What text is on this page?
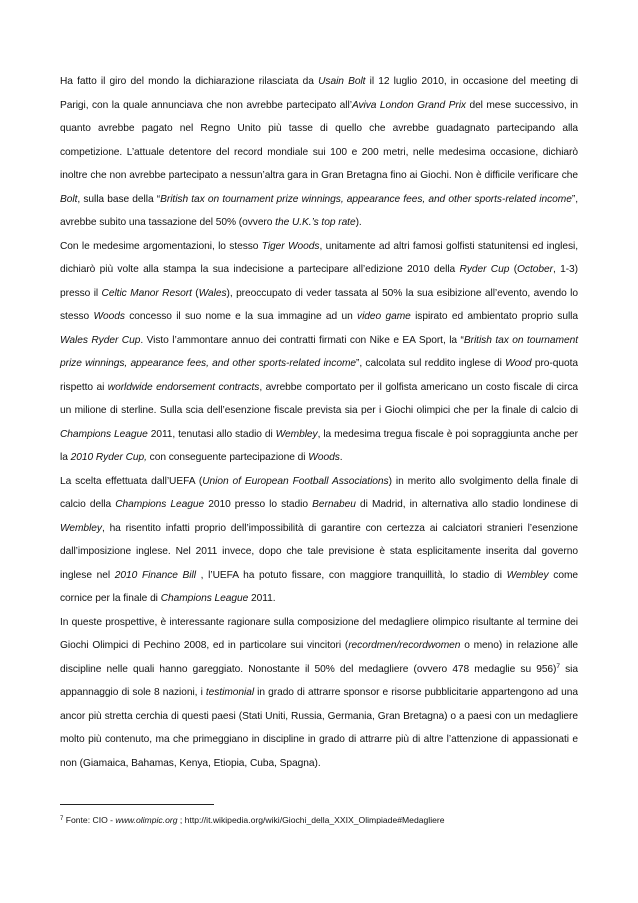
Ha fatto il giro del mondo la dichiarazione rilasciata da Usain Bolt il 12 luglio 2010, in occasione del meeting di Parigi, con la quale annunciava che non avrebbe partecipato all’Aviva London Grand Prix del mese successivo, in quanto avrebbe pagato nel Regno Unito più tasse di quello che avrebbe guadagnato partecipando alla competizione. L’attuale detentore del record mondiale sui 100 e 200 metri, nelle medesima occasione, dichiarò inoltre che non avrebbe partecipato a nessun’altra gara in Gran Bretagna fino ai Giochi. Non è difficile verificare che Bolt, sulla base della “British tax on tournament prize winnings, appearance fees, and other sports-related income”, avrebbe subito una tassazione del 50% (ovvero the U.K.’s top rate).

Con le medesime argomentazioni, lo stesso Tiger Woods, unitamente ad altri famosi golfisti statunitensi ed inglesi, dichiarò più volte alla stampa la sua indecisione a partecipare all’edizione 2010 della Ryder Cup (October, 1-3) presso il Celtic Manor Resort (Wales), preoccupato di veder tassata al 50% la sua esibizione all’evento, avendo lo stesso Woods concesso il suo nome e la sua immagine ad un video game ispirato ed ambientato proprio sulla Wales Ryder Cup. Visto l’ammontare annuo dei contratti firmati con Nike e EA Sport, la “British tax on tournament prize winnings, appearance fees, and other sports-related income”, calcolata sul reddito inglese di Wood pro-quota rispetto ai worldwide endorsement contracts, avrebbe comportato per il golfista americano un costo fiscale di circa un milione di sterline. Sulla scia dell’esenzione fiscale prevista sia per i Giochi olimpici che per la finale di calcio di Champions League 2011, tenutasi allo stadio di Wembley, la medesima tregua fiscale è poi sopraggiunta anche per la 2010 Ryder Cup, con conseguente partecipazione di Woods.

La scelta effettuata dall’UEFA (Union of European Football Associations) in merito allo svolgimento della finale di calcio della Champions League 2010 presso lo stadio Bernabeu di Madrid, in alternativa allo stadio londinese di Wembley, ha risentito infatti proprio dell’impossibilità di garantire con certezza ai calciatori stranieri l’esenzione dall’imposizione inglese. Nel 2011 invece, dopo che tale previsione è stata esplicitamente inserita dal governo inglese nel 2010 Finance Bill , l’UEFA ha potuto fissare, con maggiore tranquillità, lo stadio di Wembley come cornice per la finale di Champions League 2011.

In queste prospettive, è interessante ragionare sulla composizione del medagliere olimpico risultante al termine dei Giochi Olimpici di Pechino 2008, ed in particolare sui vincitori (recordmen/recordwomen o meno) in relazione alle discipline nelle quali hanno gareggiato. Nonostante il 50% del medagliere (ovvero 478 medaglie su 956)$^7$ sia appannaggio di sole 8 nazioni, i testimonial in grado di attrarre sponsor e risorse pubblicitarie appartengono ad una ancor più stretta cerchia di questi paesi (Stati Uniti, Russia, Germania, Gran Bretagna) o a paesi con un medagliere molto più contenuto, ma che primeggiano in discipline in grado di attrarre più di altre l’attenzione di appassionati e non (Giamaica, Bahamas, Kenya, Etiopia, Cuba, Spagna).

$^7$ Fonte: CIO - www.olimpic.org ; http://it.wikipedia.org/wiki/Giochi_della_XXIX_Olimpiade#Medagliere
